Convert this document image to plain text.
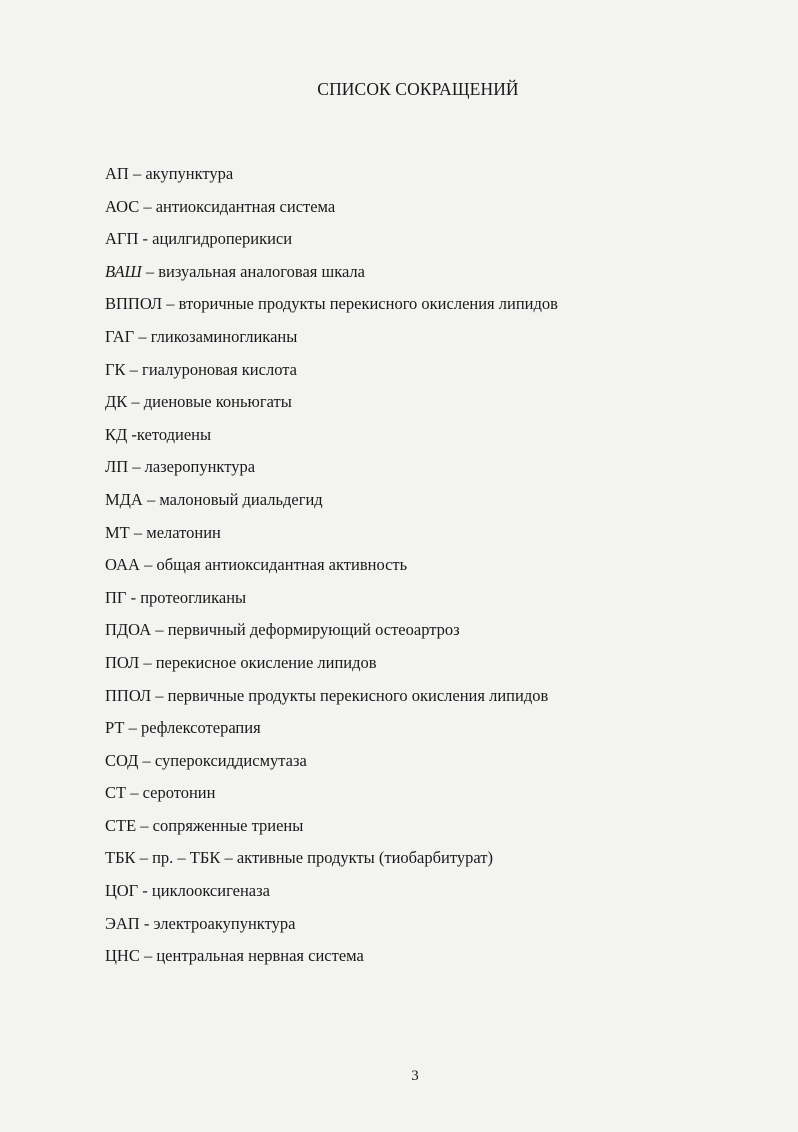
СПИСОК СОКРАЩЕНИЙ
АП – акупунктура
АОС – антиоксидантная система
АГП - ацилгидроперикиси
ВАШ – визуальная аналоговая шкала
ВППОЛ – вторичные продукты перекисного окисления липидов
ГАГ – гликозаминогликаны
ГК – гиалуроновая кислота
ДК – диеновые коньюгаты
КД -кетодиены
ЛП – лазеропунктура
МДА – малоновый диальдегид
МТ – мелатонин
ОАА – общая антиоксидантная активность
ПГ - протеогликаны
ПДОА – первичный деформирующий остеоартроз
ПОЛ – перекисное окисление липидов
ППОЛ – первичные продукты перекисного окисления липидов
РТ – рефлексотерапия
СОД – супероксиддисмутаза
СТ – серотонин
СТЕ – сопряженные триены
ТБК – пр. – ТБК – активные продукты (тиобарбитурат)
ЦОГ - циклооксигеназа
ЭАП - электроакупунктура
ЦНС – центральная нервная система
3
